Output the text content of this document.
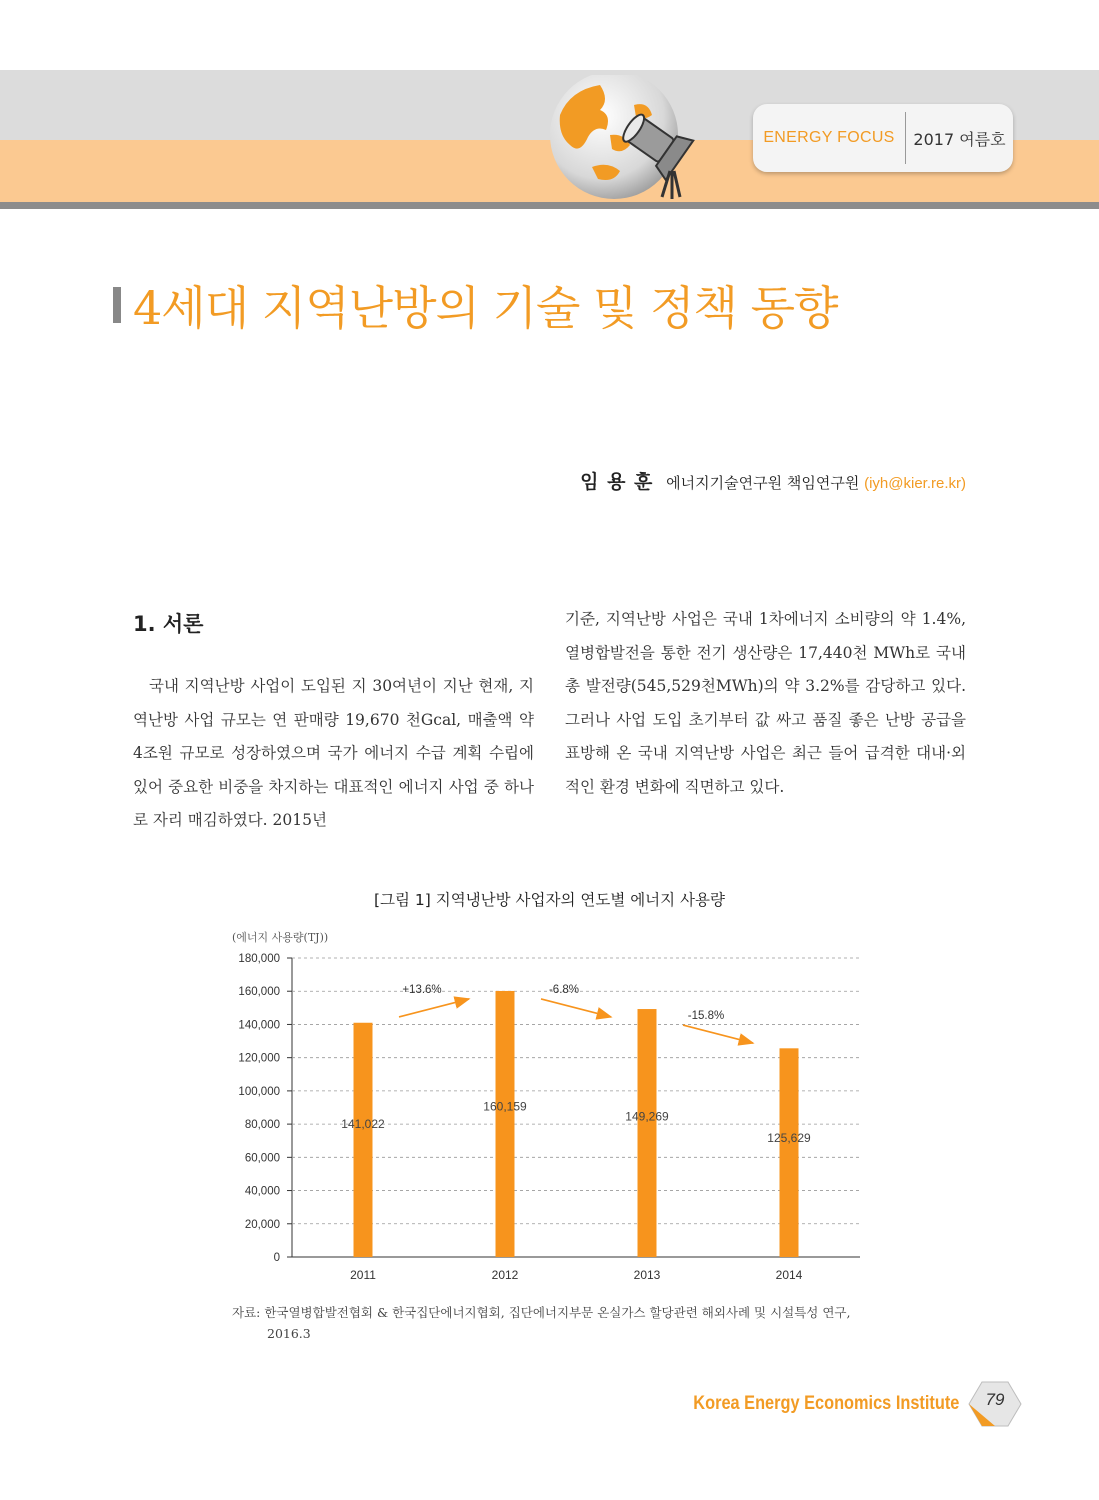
ENERGY FOCUS	2017 여름호
4세대 지역난방의 기술 및 정책 동향
임 용 훈 에너지기술연구원 책임연구원 (iyh@kier.re.kr)
1. 서론
국내 지역난방 사업이 도입된 지 30여년이 지난 현재, 지역난방 사업 규모는 연 판매량 19,670 천Gcal, 매출액 약 4조원 규모로 성장하였으며 국가 에너지 수급 계획 수립에 있어 중요한 비중을 차지하는 대표적인 에너지 사업 중 하나로 자리 매김하였다. 2015년
기준, 지역난방 사업은 국내 1차에너지 소비량의 약 1.4%, 열병합발전을 통한 전기 생산량은 17,440천 MWh로 국내 총 발전량(545,529천MWh)의 약 3.2%를 감당하고 있다. 그러나 사업 도입 초기부터 값 싸고 품질 좋은 난방 공급을 표방해 온 국내 지역난방 사업은 최근 들어 급격한 대내·외적인 환경 변화에 직면하고 있다.
[그림 1] 지역냉난방 사업자의 연도별 에너지 사용량
(에너지 사용량(TJ))
0
20,000
40,000
60,000
80,000
100,000
120,000
140,000
160,000
180,000
2011
141,022
2012
160,159
2013
149,269
2014
125,629
+13.6%	-6.8%
-15.8%
자료: 한국열병합발전협회 & 한국집단에너지협회, 집단에너지부문 온실가스 할당관련 해외사례 및 시설특성 연구,
2016.3
Korea Energy Economics Institute	79
